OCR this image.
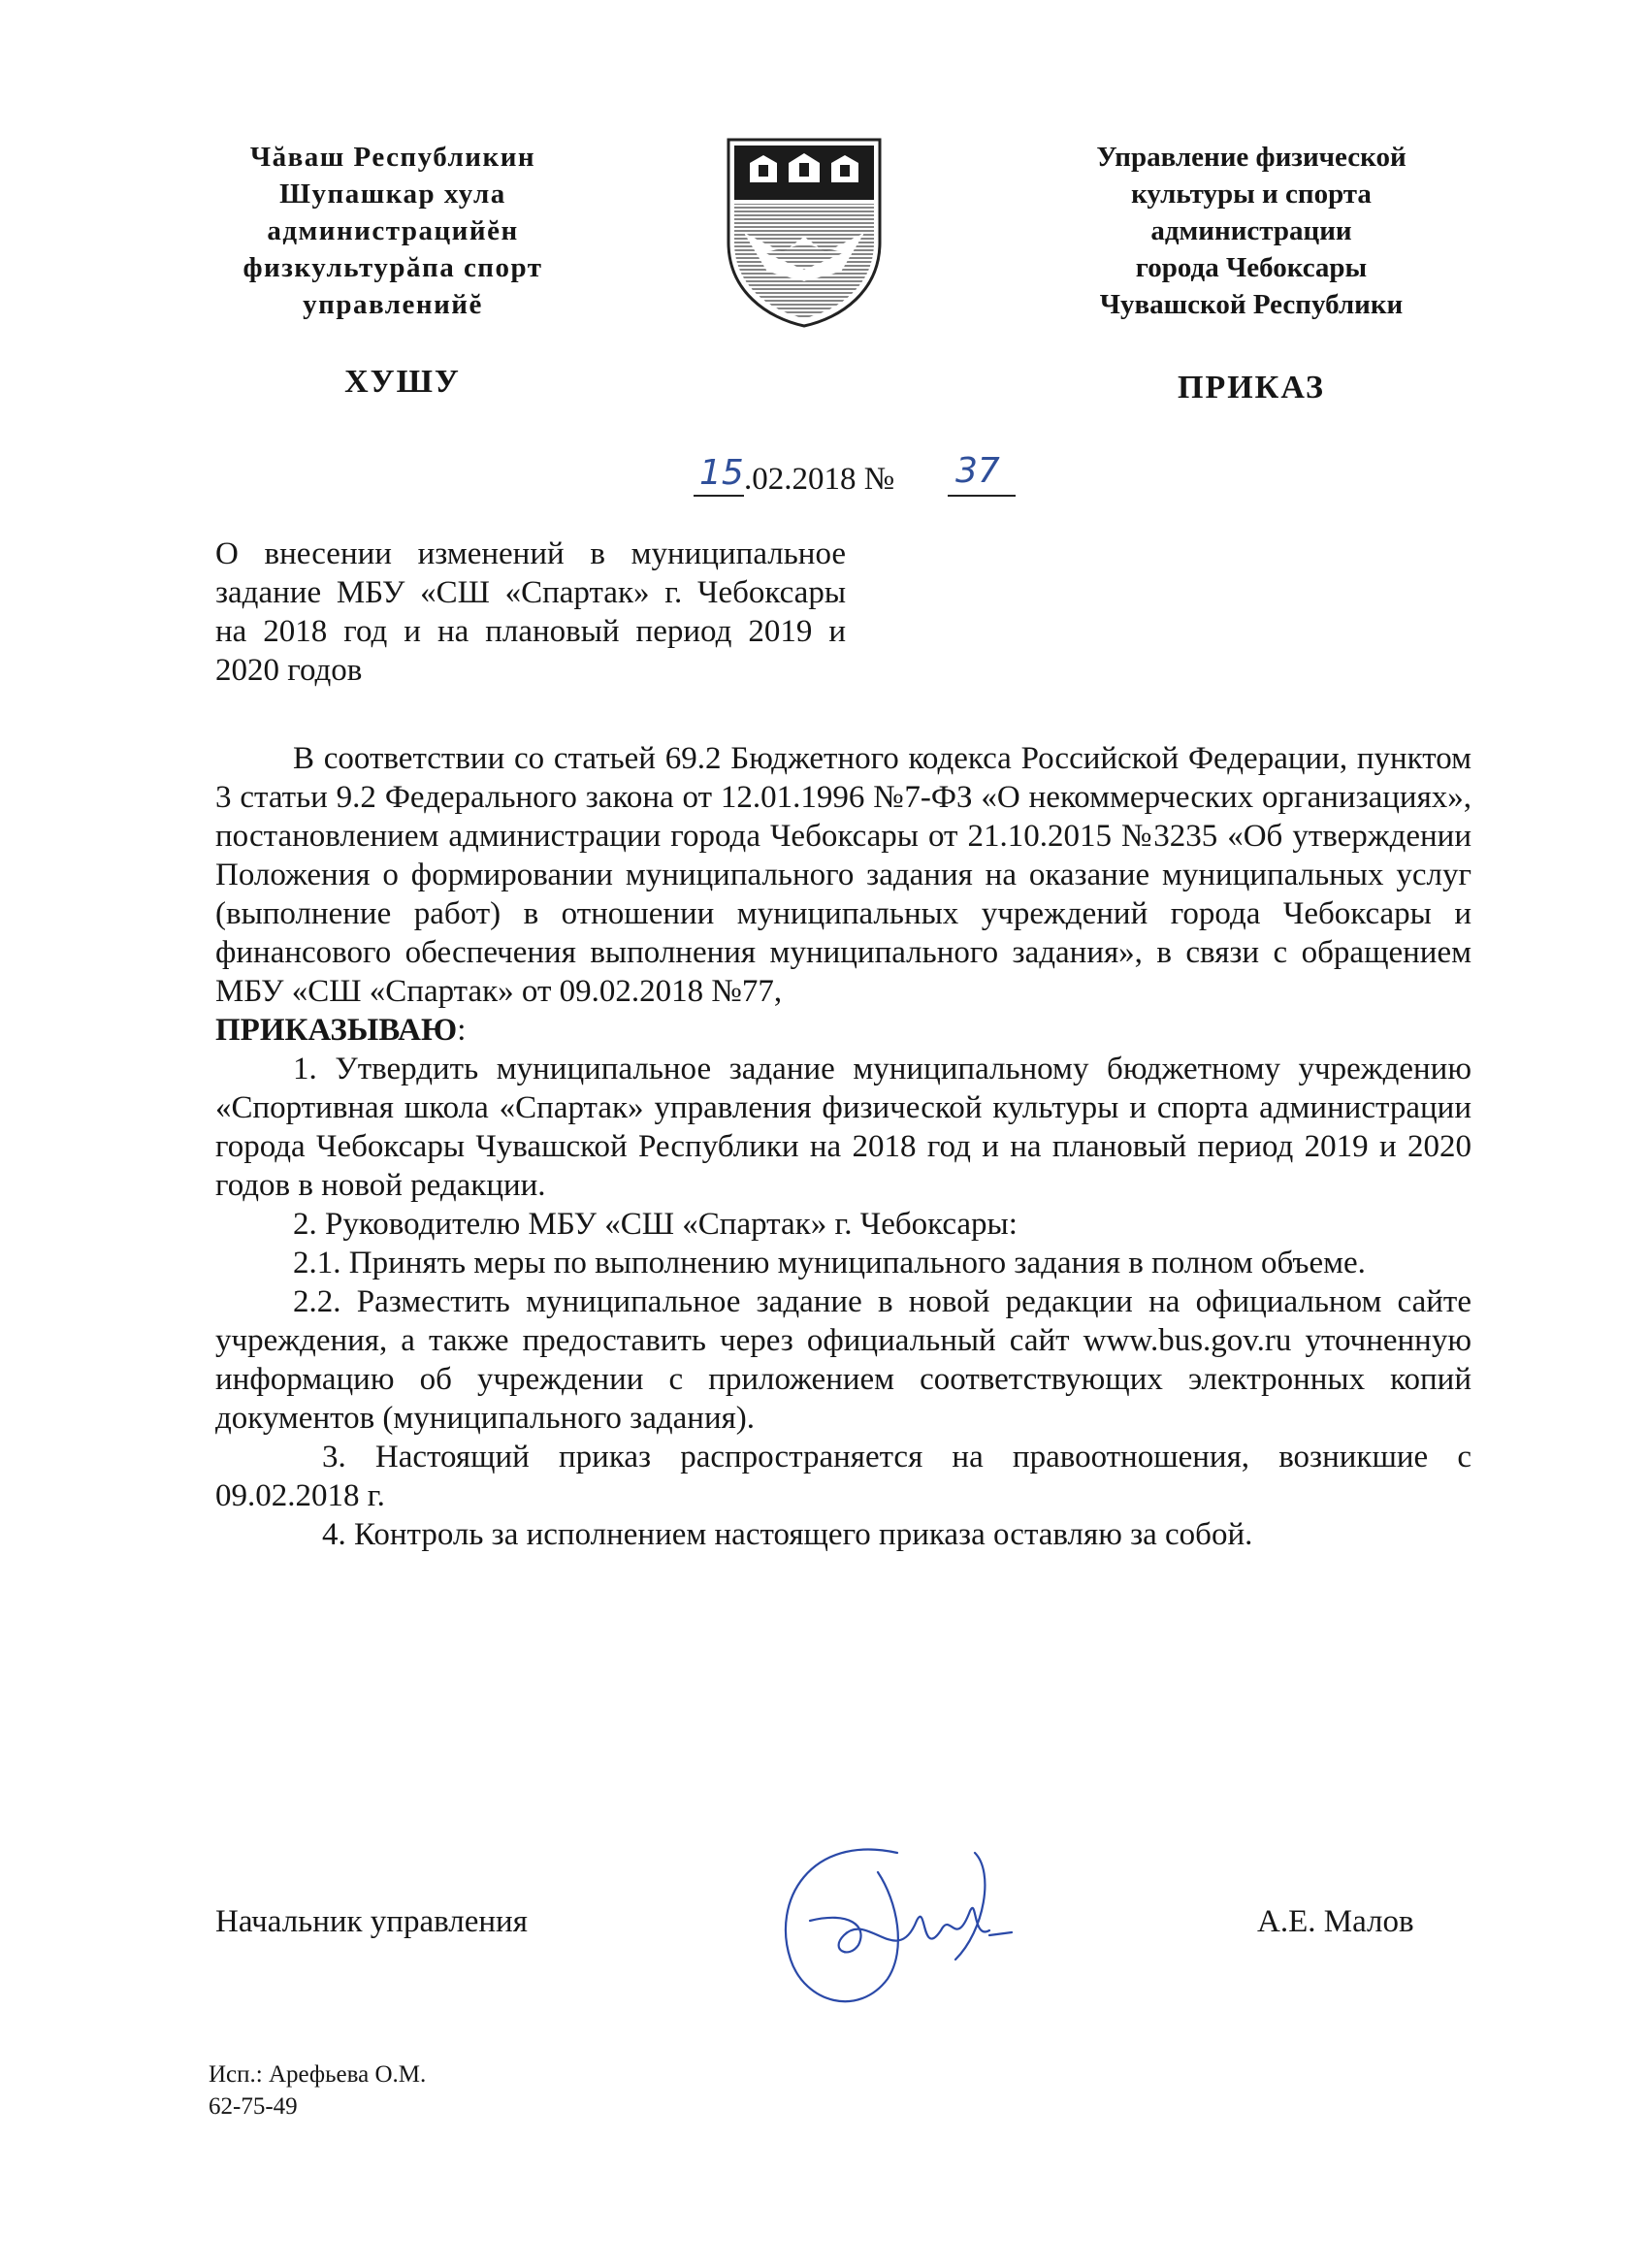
Чăваш Республикин
Шупашкар хула
администрацийĕн
физкультурăпа спорт
управленийĕ
Управление физической
культуры и спорта
администрации
города Чебоксары
Чувашской Республики
ХУШУ	ПРИКАЗ
15 .02.2018 № 37
О внесении изменений в муниципальное задание МБУ «СШ «Спартак» г. Чебоксары на 2018 год и на плановый период 2019 и 2020 годов

В соответствии со статьей 69.2 Бюджетного кодекса Российской Федерации, пунктом 3 статьи 9.2 Федерального закона от 12.01.1996 №7-ФЗ «О некоммерческих организациях», постановлением администрации города Чебоксары от 21.10.2015 №3235 «Об утверждении Положения о формировании муниципального задания на оказание муниципальных услуг (выполнение работ) в отношении муниципальных учреждений города Чебоксары и финансового обеспечения выполнения муниципального задания», в связи с обращением МБУ «СШ «Спартак» от 09.02.2018 №77,
ПРИКАЗЫВАЮ:

1. Утвердить муниципальное задание муниципальному бюджетному учреждению «Спортивная школа «Спартак» управления физической культуры и спорта администрации города Чебоксары Чувашской Республики на 2018 год и на плановый период 2019 и 2020 годов в новой редакции.

2. Руководителю МБУ «СШ «Спартак» г. Чебоксары:

2.1. Принять меры по выполнению муниципального задания в полном объеме.

2.2. Разместить муниципальное задание в новой редакции на официальном сайте учреждения, а также предоставить через официальный сайт www.bus.gov.ru уточненную информацию об учреждении с приложением соответствующих электронных копий документов (муниципального задания).

3. Настоящий приказ распространяется на правоотношения, возникшие с 09.02.2018 г.

4. Контроль за исполнением настоящего приказа оставляю за собой.

Начальник управления	А.Е. Малов
Исп.: Арефьева О.М.
62-75-49
